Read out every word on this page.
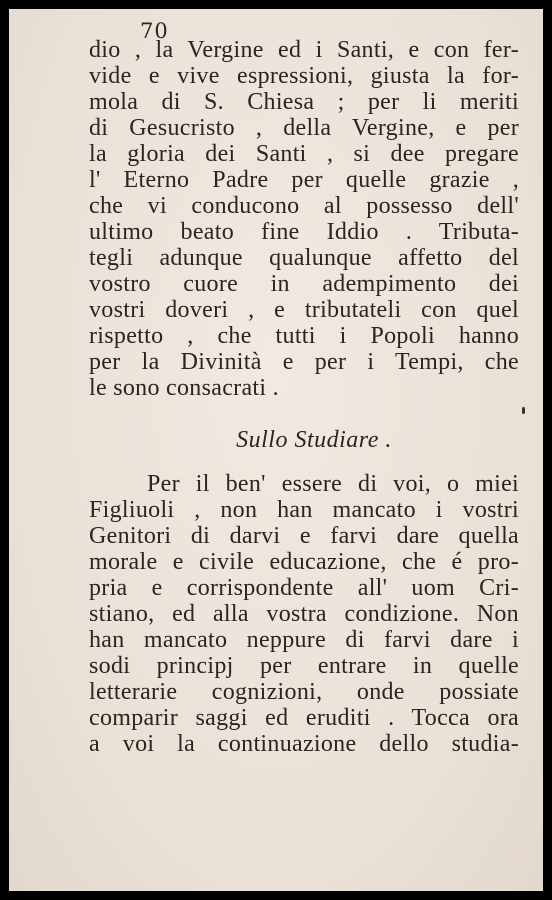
70
dio , la Vergine ed i Santi, e con fer-
vide e vive espressioni, giusta la for-
mola di S. Chiesa ; per li meriti
di Gesucristo , della Vergine, e per
la gloria dei Santi , si dee pregare
l' Eterno Padre per quelle grazie ,
che vi conducono al possesso dell'
ultimo beato fine Iddio . Tributa-
tegli adunque qualunque affetto del
vostro cuore in adempimento dei
vostri doveri , e tributateli con quel
rispetto , che tutti i Popoli hanno
per la Divinità e per i Tempi, che
le sono consacrati .
Sullo Studiare .
Per il ben' essere di voi, o miei
Figliuoli , non han mancato i vostri
Genitori di darvi e farvi dare quella
morale e civile educazione, che é pro-
pria e corrispondente all' uom Cri-
stiano, ed alla vostra condizione. Non
han mancato neppure di farvi dare i
sodi principj per entrare in quelle
letterarie cognizioni, onde possiate
comparir saggi ed eruditi . Tocca ora
a voi la continuazione dello studia-
